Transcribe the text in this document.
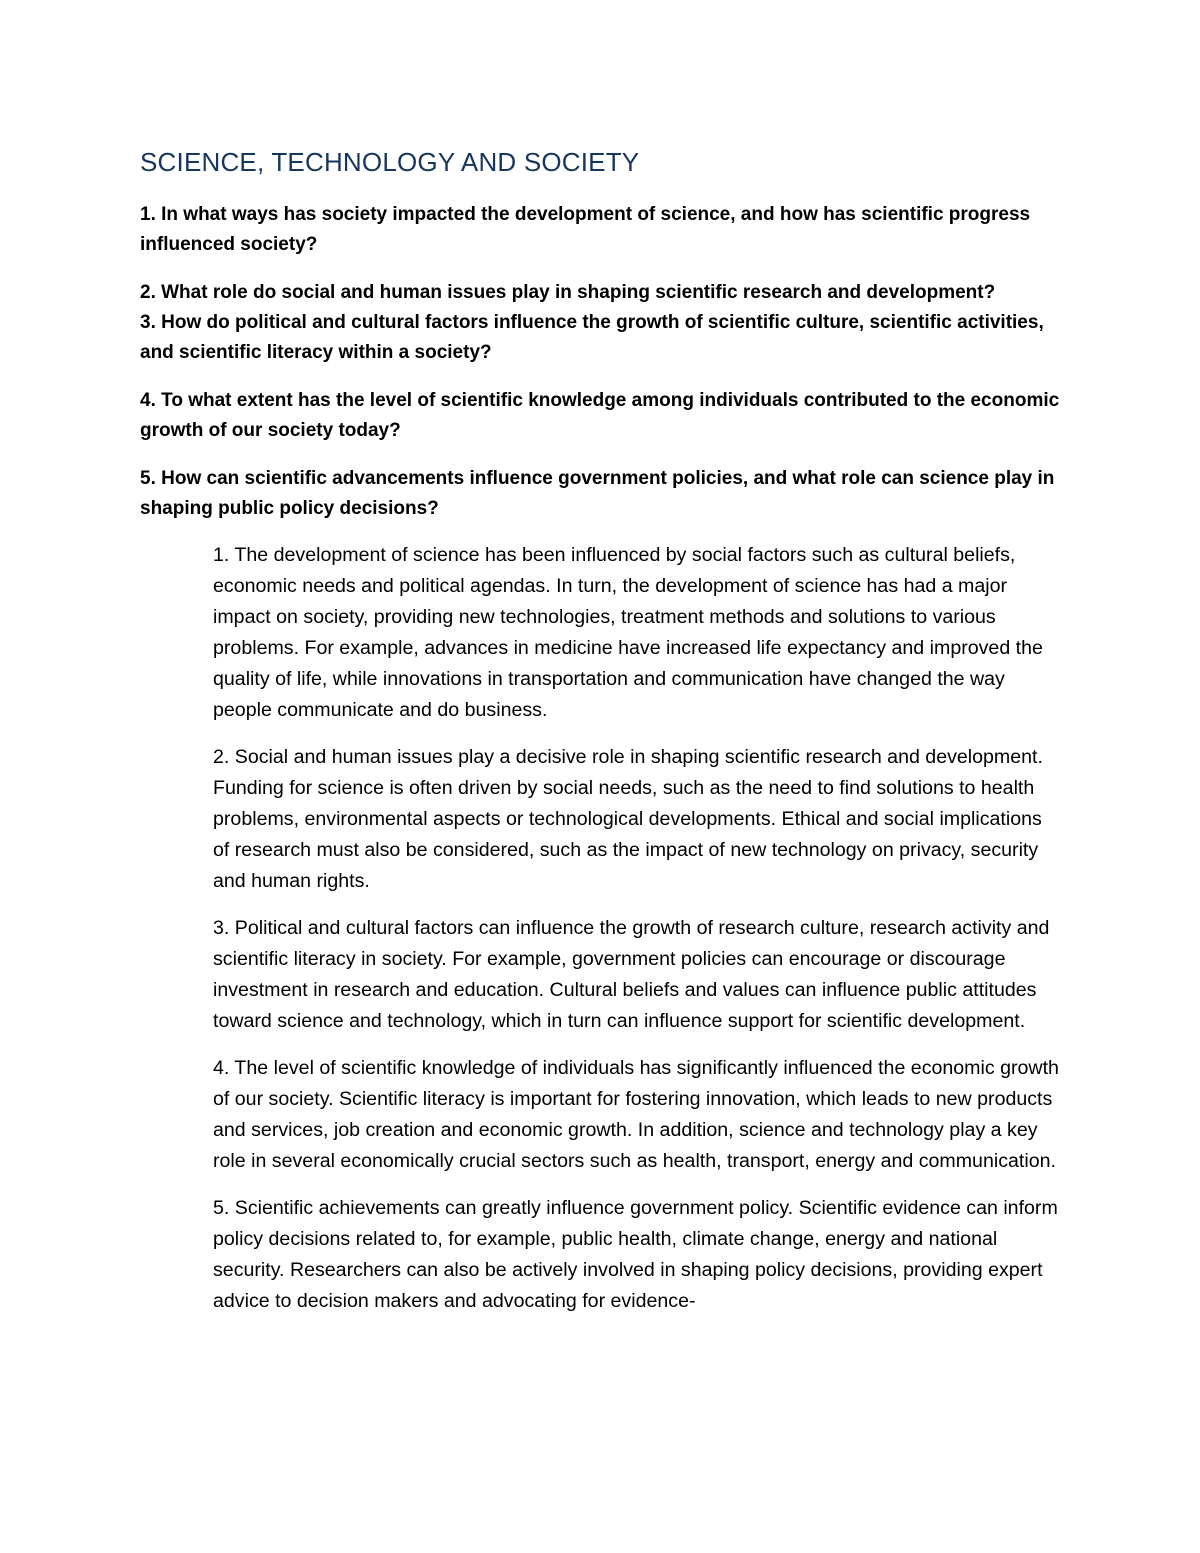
SCIENCE, TECHNOLOGY AND SOCIETY

1. In what ways has society impacted the development of science, and how has scientific progress influenced society?

2. What role do social and human issues play in shaping scientific research and development?

3. How do political and cultural factors influence the growth of scientific culture, scientific activities, and scientific literacy within a society?

4. To what extent has the level of scientific knowledge among individuals contributed to the economic growth of our society today?

5. How can scientific advancements influence government policies, and what role can science play in shaping public policy decisions?

1. The development of science has been influenced by social factors such as cultural beliefs, economic needs and political agendas. In turn, the development of science has had a major impact on society, providing new technologies, treatment methods and solutions to various problems. For example, advances in medicine have increased life expectancy and improved the quality of life, while innovations in transportation and communication have changed the way people communicate and do business.

2. Social and human issues play a decisive role in shaping scientific research and development. Funding for science is often driven by social needs, such as the need to find solutions to health problems, environmental aspects or technological developments. Ethical and social implications of research must also be considered, such as the impact of new technology on privacy, security and human rights.

3. Political and cultural factors can influence the growth of research culture, research activity and scientific literacy in society. For example, government policies can encourage or discourage investment in research and education. Cultural beliefs and values can influence public attitudes toward science and technology, which in turn can influence support for scientific development.

4. The level of scientific knowledge of individuals has significantly influenced the economic growth of our society. Scientific literacy is important for fostering innovation, which leads to new products and services, job creation and economic growth. In addition, science and technology play a key role in several economically crucial sectors such as health, transport, energy and communication.

5. Scientific achievements can greatly influence government policy. Scientific evidence can inform policy decisions related to, for example, public health, climate change, energy and national security. Researchers can also be actively involved in shaping policy decisions, providing expert advice to decision makers and advocating for evidence-
